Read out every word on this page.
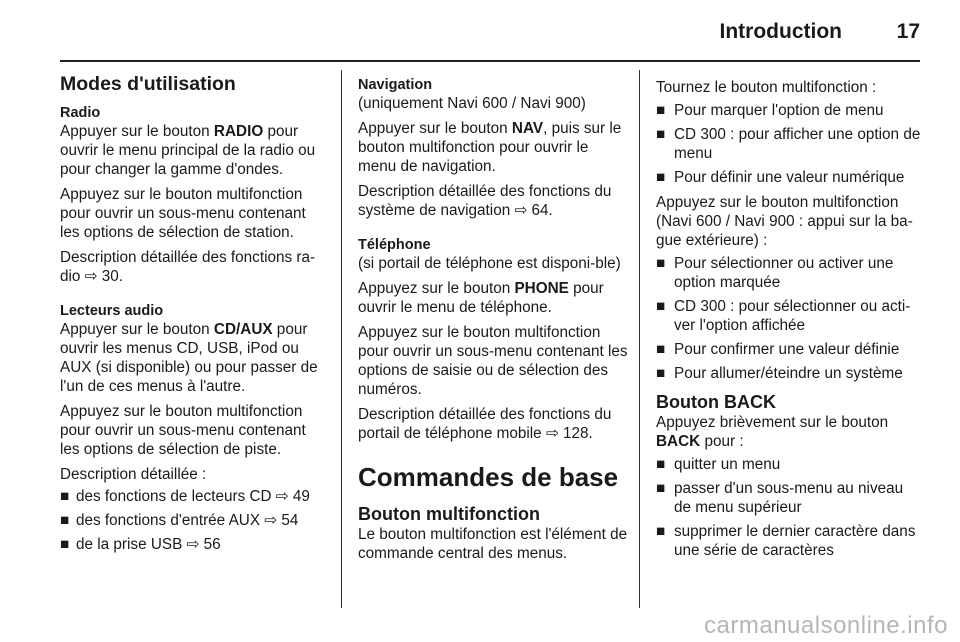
Introduction	17
Modes d'utilisation
Radio

Appuyer sur le bouton RADIO pour ouvrir le menu principal de la radio ou pour changer la gamme d'ondes.

Appuyez sur le bouton multifonction pour ouvrir un sous-menu contenant les options de sélection de station.

Description détaillée des fonctions ra-dio ⇨ 30.

Lecteurs audio

Appuyer sur le bouton CD/AUX pour ouvrir les menus CD, USB, iPod ou AUX (si disponible) ou pour passer de l'un de ces menus à l'autre.

Appuyez sur le bouton multifonction pour ouvrir un sous-menu contenant les options de sélection de piste.

Description détaillée :

■ des fonctions de lecteurs CD ⇨ 49
■ des fonctions d'entrée AUX ⇨ 54
■ de la prise USB ⇨ 56
Navigation

(uniquement Navi 600 / Navi 900)

Appuyer sur le bouton NAV, puis sur le bouton multifonction pour ouvrir le menu de navigation.

Description détaillée des fonctions du système de navigation ⇨ 64.

Téléphone

(si portail de téléphone est disponi-ble)

Appuyez sur le bouton PHONE pour ouvrir le menu de téléphone.

Appuyez sur le bouton multifonction pour ouvrir un sous-menu contenant les options de saisie ou de sélection des numéros.

Description détaillée des fonctions du portail de téléphone mobile ⇨ 128.

Commandes de base
Bouton multifonction

Le bouton multifonction est l'élément de commande central des menus.

Tournez le bouton multifonction :

■ Pour marquer l'option de menu
■ CD 300 : pour afficher une option de menu
■ Pour définir une valeur numérique

Appuyez sur le bouton multifonction (Navi 600 / Navi 900 : appui sur la ba-gue extérieure) :

■ Pour sélectionner ou activer une option marquée
■ CD 300 : pour sélectionner ou acti-ver l'option affichée
■ Pour confirmer une valeur définie
■ Pour allumer/éteindre un système
Bouton BACK

Appuyez brièvement sur le bouton BACK pour :

■ quitter un menu
■ passer d'un sous-menu au niveau de menu supérieur
■ supprimer le dernier caractère dans une série de caractères
carmanualsonline.info
